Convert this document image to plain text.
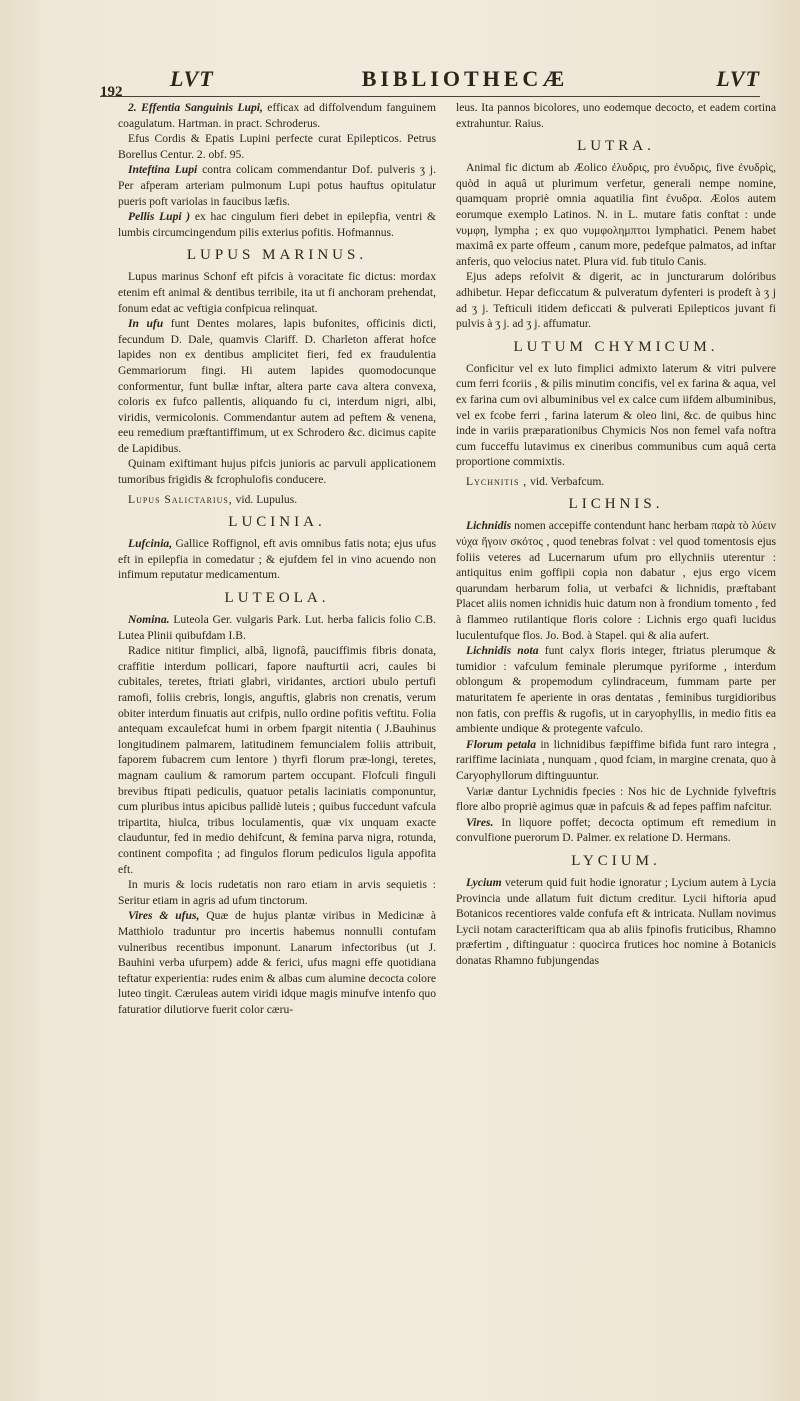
192
LVT	BIBLIOTHECÆ	LVT

2. Effentia Sanguinis Lupi, efficax ad diffolvendum fanguinem coagulatum. Hartman. in pract. Schroderus.

Efus Cordis & Epatis Lupini perfecte curat Epilepticos. Petrus Borellus Centur. 2. obf. 95.

Inteftina Lupi contra colicam commendantur Dof. pulveris ʒ j. Per afperam arteriam pulmonum Lupi potus hauftus opitulatur pueris poft variolas in faucibus læfis.

Pellis Lupi ) ex hac cingulum fieri debet in epilepfia, ventri & lumbis circumcingendum pilis exterius pofitis. Hofmannus.

LUPUS MARINUS.

Lupus marinus Schonf eft pifcis à voracitate fic dictus: mordax etenim eft animal & dentibus terribile, ita ut fi anchoram prehendat, fonum edat ac veftigia confpicua relinquat.

In ufu funt Dentes molares, lapis bufonites, officinis dicti, fecundum D. Dale, quamvis Clariff. D. Charleton afferat hofce lapides non ex dentibus amplicitet fieri, fed ex fraudulentia Gemmariorum fingi. Hi autem lapides quomodocunque conformentur, funt bullæ inftar, altera parte cava altera convexa, coloris ex fufco pallentis, aliquando fu ci, interdum nigri, albi, viridis, vermicolonis. Commendantur autem ad peftem & venena, eeu remedium præftantiffimum, ut ex Schrodero &c. dicimus capite de Lapidibus.

Quinam exiftimant hujus pifcis junioris ac parvuli applicationem tumoribus frigidis & fcrophulofis conducere.

Lupus Salictarius, vid. Lupulus.

LUCINIA.

Lufcinia, Gallice Roffignol, eft avis omnibus fatis nota; ejus ufus eft in epilepfia in comedatur ; & ejufdem fel in vino acuendo non infimum reputatur medicamentum.

LUTEOLA.

Nomina. Luteola Ger. vulgaris Park. Lut. herba falicis folio C.B. Lutea Plinii quibufdam I.B.

Radice nititur fimplici, albâ, lignofâ, pauciffimis fibris donata, craffitie interdum pollicari, fapore naufturtii acri, caules bi cubitales, teretes, ftriati glabri, viridantes, arctiori ubulo pertufi ramofi, foliis crebris, longis, anguftis, glabris non crenatis, verum obiter interdum finuatis aut crifpis, nullo ordine pofitis veftitu. Folia antequam excaulefcat humi in orbem fpargit nitentia ( J.Bauhinus longitudinem palmarem, latitudinem femuncialem foliis attribuit, faporem fubacrem cum lentore ) thyrfi florum præ-longi, teretes, magnam caulium & ramorum partem occupant. Flofculi finguli brevibus ftipati pediculis, quatuor petalis laciniatis componuntur, cum pluribus intus apicibus pallidè luteis ; quibus fuccedunt vafcula tripartita, hiulca, tribus loculamentis, quæ vix unquam exacte clauduntur, fed in medio dehifcunt, & femina parva nigra, rotunda, continent compofita ; ad fingulos florum pediculos ligula appofita eft.

In muris & locis rudetatis non raro etiam in arvis sequietis : Seritur etiam in agris ad ufum tinctorum.

Vires & ufus, Quæ de hujus plantæ viribus in Medicinæ à Matthiolo traduntur pro incertis habemus nonnulli contufam vulneribus recentibus imponunt. Lanarum infectoribus (ut J. Bauhini verba ufurpem) adde & ferici, ufus magni effe quotidiana teftatur experientia: rudes enim & albas cum alumine decocta colore luteo tingit. Cæruleas autem viridi idque magis minufve intenfo quo faturatior dilutiorve fuerit color cæru-

leus. Ita pannos bicolores, uno eodemque decocto, et eadem cortina extrahuntur. Raius.

LUTRA.

Animal fic dictum ab Æolico ἐλυδρις, pro ἐνυδρις, five ἐνυδρὶς, quòd in aquâ ut plurimum verfetur, generali nempe nomine, quamquam propriè omnia aquatilia fint ἐνυδρα. Æolos autem eorumque exemplo Latinos. N. in L. mutare fatis conftat : unde νυμφη, lympha ; ex quo νυμφολημπτοι lymphatici. Penem habet maximâ ex parte offeum , canum more, pedefque palmatos, ad inftar anferis, quo velocius natet. Plura vid. fub titulo Canis.

Ejus adeps refolvit & digerit, ac in juncturarum dolóribus adhibetur. Hepar deficcatum & pulveratum dyfenteri is prodeft à ʒ j ad ʒ j. Tefticuli itidem deficcati & pulverati Epilepticos juvant fi pulvis à ʒ j. ad ʒ j. affumatur.

LUTUM CHYMICUM.

Conficitur vel ex luto fimplici admixto laterum & vitri pulvere cum ferri fcoriis , & pilis minutim concifis, vel ex farina & aqua, vel ex farina cum ovi albuminibus vel ex calce cum iifdem albuminibus, vel ex fcobe ferri , farina laterum & oleo lini, &c. de quibus hinc inde in variis præparationibus Chymicis Nos non femel vafa noftra cum fucceffu lutavimus ex cineribus communibus cum aquâ certa proportione commixtis.

Lychnitis , vid. Verbafcum.

LICHNIS.

Lichnidis nomen accepiffe contendunt hanc herbam παρὰ τὸ λύειν νύχα ἤγοιν σκότος , quod tenebras folvat : vel quod tomentosis ejus foliis veteres ad Lucernarum ufum pro ellychniis uterentur : antiquitus enim goffipii copia non dabatur , ejus ergo vicem quarundam herbarum folia, ut verbafci & lichnidis, præftabant Placet aliis nomen ichnidis huic datum non à frondium tomento , fed à flammeo rutilantique floris colore : Lichnis ergo quafi lucidus luculentufque flos. Jo. Bod. à Stapel. qui & alia aufert.

Lichnidis nota funt calyx floris integer, ftriatus plerumque & tumidior : vafculum feminale plerumque pyriforme , interdum oblongum & propemodum cylindraceum, fummam parte per maturitatem fe aperiente in oras dentatas , feminibus turgidioribus non fatis, con preffis & rugofis, ut in caryophyllis, in medio fitis ea ambiente undique & protegente vafculo.

Florum petala in lichnidibus fæpiffime bifida funt raro integra , rariffime laciniata , nunquam , quod fciam, in margine crenata, quo à Caryophyllorum diftinguuntur.

Variæ dantur Lychnidis fpecies : Nos hic de Lychnide fylveftris flore albo propriè agimus quæ in pafcuis & ad fepes paffim nafcitur.

Vires. In liquore poffet; decocta optimum eft remedium in convulfione puerorum D. Palmer. ex relatione D. Hermans.

LYCIUM.

Lycium veterum quid fuit hodie ignoratur ; Lycium autem à Lycia Provincia unde allatum fuit dictum creditur. Lycii hiftoria apud Botanicos recentiores valde confufa eft & intricata. Nullam novimus Lycii notam caracterifticam qua ab aliis fpinofis fruticibus, Rhamno præfertim , diftinguatur : quocirca frutices hoc nomine à Botanicis donatas Rhamno fubjungendas
